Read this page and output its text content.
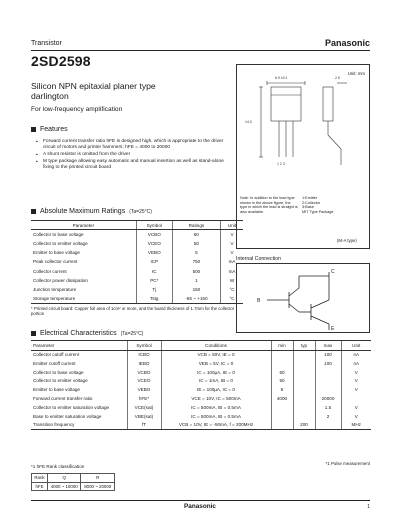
Transistor	Panasonic
2SD2598
Silicon NPN epitaxial planer type
darlington
For low-frequency amplification
Features
▪ Forward current transfer ratio hFE is designed high, which is appropriate to the driver circuit of motors and printer hammers: hFE = 4000 to 20000
▪ A shunt resistor is omitted from the driver
▪ M type package allowing easy automatic and manual insertion as well as stand-alone fixing to the printed circuit board
Absolute Maximum Ratings (Ta=25°C)
Parameter	Symbol	Ratings	Unit
Collector to base voltage	VCBO	60	V
Collector to emitter voltage	VCEO	50	V
Emitter to base voltage	VEBO	5	V
Peak collector current	ICP	750	mA
Collector current	IC	500	mA
Collector power dissipation	PC*	1	W
Junction temperature	Tj	150	°C
Storage temperature	Tstg	-55 ~ +150	°C
* Printed circuit board: Copper foil area of 1cm² or more, and the board thickness of 1.7mm for the collector portion
Electrical Characteristics (Ta=25°C)
Parameter	Symbol	Conditions	min	typ	max	Unit
Collector cutoff current	ICBO	VCB = 50V, IE = 0			100	nA
Emitter cutoff current	IEBO	VEB = 5V, IC = 0			100	nA
Collector to base voltage	VCBO	IC = 100µA, IE = 0	60			V
Collector to emitter voltage	VCEO	IC = 1mA, IB = 0	50			V
Emitter to base voltage	VEBO	IE = 100µA, IC = 0	5			V
Forward current transfer ratio	hFE*	VCE = 10V, IC = 500mA	4000		20000	
Collector to emitter saturation voltage	VCE(sat)	IC = 500mA, IB = 0.5mA			1.5	V
Base to emitter saturation voltage	VBE(sat)	IC = 500mA, IB = 0.5mA			2	V
Transition frequency	fT	VCB = 10V, IE = -50mA, f = 200MHz		200		MHz
*1 Pulse measurement
*1 hFE Rank classification
Rank	Q	R
hFE	4000 ~ 10000	8000 ~ 20000
Unit: mm
6.9 ±0.1
14.0
1 2 3
2.5
Note: In addition to the lead type shown in the above figure, the type in which the lead is straight is also available.
1:Emitter
2:Collector
3:Base
MIT Type Package
(M-A type)
Internal Connection
C
B
E
Panasonic	1
